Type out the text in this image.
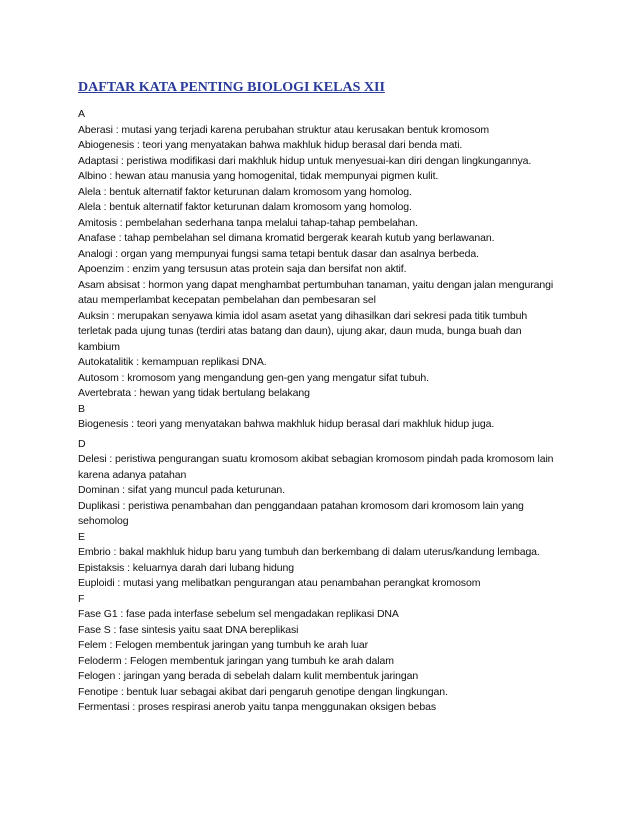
DAFTAR KATA PENTING BIOLOGI KELAS XII
A
Aberasi : mutasi yang terjadi karena perubahan struktur atau kerusakan bentuk kromosom
Abiogenesis : teori yang menyatakan bahwa makhluk hidup berasal dari benda mati.
Adaptasi : peristiwa modifikasi dari makhluk hidup untuk menyesuai-kan diri dengan lingkungannya.
Albino : hewan atau manusia yang homogenital, tidak mempunyai pigmen kulit.
Alela : bentuk alternatif faktor keturunan dalam kromosom yang homolog.
Alela : bentuk alternatif faktor keturunan dalam kromosom yang homolog.
Amitosis : pembelahan sederhana tanpa melalui tahap-tahap pembelahan.
Anafase : tahap pembelahan sel dimana kromatid bergerak kearah kutub yang berlawanan.
Analogi : organ yang mempunyai fungsi sama tetapi bentuk dasar dan asalnya berbeda.
Apoenzim : enzim yang tersusun atas protein saja dan bersifat non aktif.
Asam absisat : hormon yang dapat menghambat pertumbuhan tanaman, yaitu dengan jalan mengurangi
atau memperlambat kecepatan pembelahan dan pembesaran sel
Auksin : merupakan senyawa kimia idol asam asetat yang dihasilkan dari sekresi pada titik tumbuh
terletak pada ujung tunas (terdiri atas batang dan daun), ujung akar, daun muda, bunga buah dan
kambium
Autokatalitik : kemampuan replikasi DNA.
Autosom : kromosom yang mengandung gen-gen yang mengatur sifat tubuh.
Avertebrata : hewan yang tidak bertulang belakang
B
Biogenesis : teori yang menyatakan bahwa makhluk hidup berasal dari makhluk hidup juga.
D
Delesi : peristiwa pengurangan suatu kromosom akibat sebagian kromosom pindah pada kromosom lain
karena adanya patahan
Dominan : sifat yang muncul pada keturunan.
Duplikasi : peristiwa penambahan dan penggandaan patahan kromosom dari kromosom lain yang
sehomolog
E
Embrio : bakal makhluk hidup baru yang tumbuh dan berkembang di dalam uterus/kandung lembaga.
Epistaksis : keluarnya darah dari lubang hidung
Euploidi : mutasi yang melibatkan pengurangan atau penambahan perangkat kromosom
F
Fase G1 : fase pada interfase sebelum sel mengadakan replikasi DNA
Fase S : fase sintesis yaitu saat DNA bereplikasi
Felem : Felogen membentuk jaringan yang tumbuh ke arah luar
Feloderm : Felogen membentuk jaringan yang tumbuh ke arah dalam
Felogen : jaringan yang berada di sebelah dalam kulit membentuk jaringan
Fenotipe : bentuk luar sebagai akibat dari pengaruh genotipe dengan lingkungan.
Fermentasi : proses respirasi anerob yaitu tanpa menggunakan oksigen bebas
